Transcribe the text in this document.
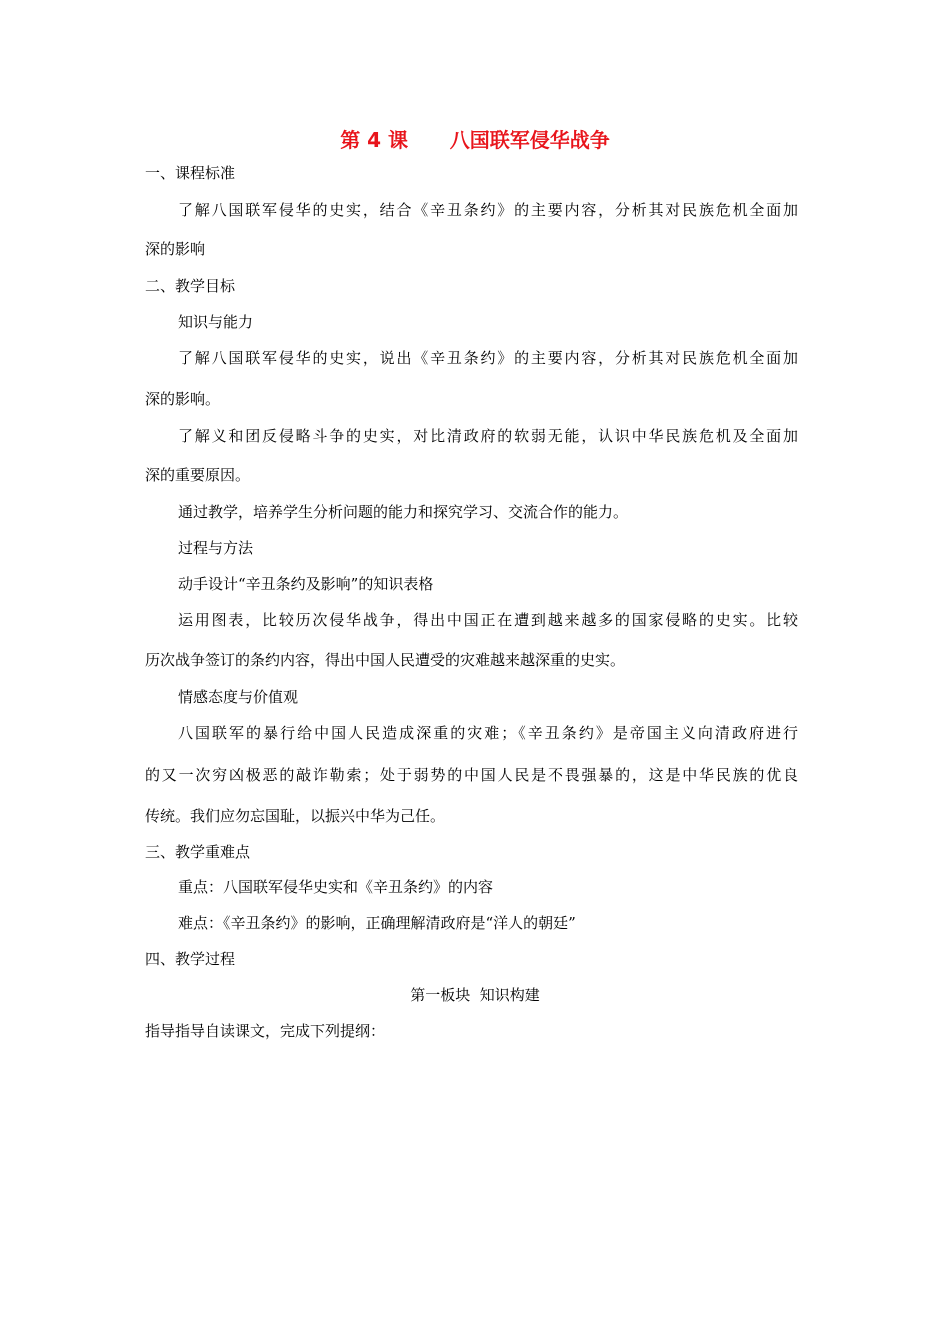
第 4 课      八国联军侵华战争
一、课程标准
了解八国联军侵华的史实，结合《辛丑条约》的主要内容，分析其对民族危机全面加
深的影响
二、教学目标
知识与能力
了解八国联军侵华的史实，说出《辛丑条约》的主要内容，分析其对民族危机全面加
深的影响。
了解义和团反侵略斗争的史实，对比清政府的软弱无能，认识中华民族危机及全面加
深的重要原因。
通过教学，培养学生分析问题的能力和探究学习、交流合作的能力。
过程与方法
动手设计“辛丑条约及影响”的知识表格
运用图表，比较历次侵华战争，得出中国正在遭到越来越多的国家侵略的史实。比较
历次战争签订的条约内容，得出中国人民遭受的灾难越来越深重的史实。
情感态度与价值观
八国联军的暴行给中国人民造成深重的灾难；《辛丑条约》是帝国主义向清政府进行
的又一次穷凶极恶的敲诈勒索；处于弱势的中国人民是不畏强暴的，这是中华民族的优良
传统。我们应勿忘国耻，以振兴中华为己任。
三、教学重难点
重点：八国联军侵华史实和《辛丑条约》的内容
难点：《辛丑条约》的影响，正确理解清政府是“洋人的朝廷”
四、教学过程
第一板块  知识构建
指导指导自读课文，完成下列提纲：
